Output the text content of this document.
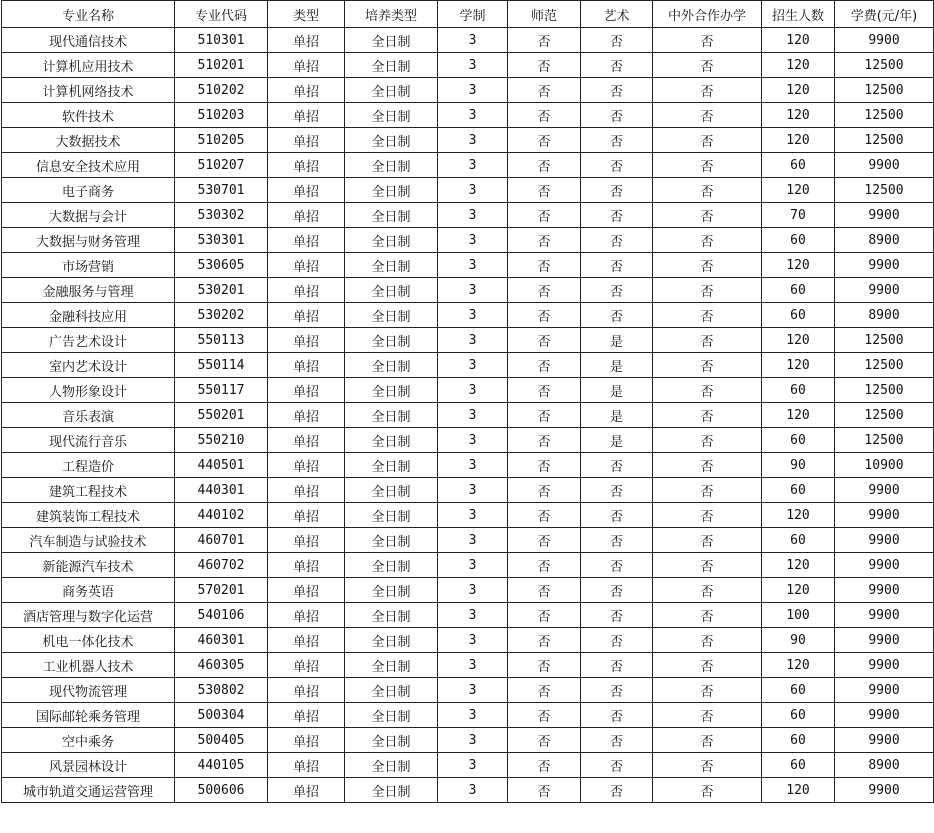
专业名称	专业代码	类型	培养类型	学制	师范	艺术	中外合作办学	招生人数	学费(元/年)
现代通信技术	510301	单招	全日制	3	否	否	否	120	9900
计算机应用技术	510201	单招	全日制	3	否	否	否	120	12500
计算机网络技术	510202	单招	全日制	3	否	否	否	120	12500
软件技术	510203	单招	全日制	3	否	否	否	120	12500
大数据技术	510205	单招	全日制	3	否	否	否	120	12500
信息安全技术应用	510207	单招	全日制	3	否	否	否	60	9900
电子商务	530701	单招	全日制	3	否	否	否	120	12500
大数据与会计	530302	单招	全日制	3	否	否	否	70	9900
大数据与财务管理	530301	单招	全日制	3	否	否	否	60	8900
市场营销	530605	单招	全日制	3	否	否	否	120	9900
金融服务与管理	530201	单招	全日制	3	否	否	否	60	9900
金融科技应用	530202	单招	全日制	3	否	否	否	60	8900
广告艺术设计	550113	单招	全日制	3	否	是	否	120	12500
室内艺术设计	550114	单招	全日制	3	否	是	否	120	12500
人物形象设计	550117	单招	全日制	3	否	是	否	60	12500
音乐表演	550201	单招	全日制	3	否	是	否	120	12500
现代流行音乐	550210	单招	全日制	3	否	是	否	60	12500
工程造价	440501	单招	全日制	3	否	否	否	90	10900
建筑工程技术	440301	单招	全日制	3	否	否	否	60	9900
建筑装饰工程技术	440102	单招	全日制	3	否	否	否	120	9900
汽车制造与试验技术	460701	单招	全日制	3	否	否	否	60	9900
新能源汽车技术	460702	单招	全日制	3	否	否	否	120	9900
商务英语	570201	单招	全日制	3	否	否	否	120	9900
酒店管理与数字化运营	540106	单招	全日制	3	否	否	否	100	9900
机电一体化技术	460301	单招	全日制	3	否	否	否	90	9900
工业机器人技术	460305	单招	全日制	3	否	否	否	120	9900
现代物流管理	530802	单招	全日制	3	否	否	否	60	9900
国际邮轮乘务管理	500304	单招	全日制	3	否	否	否	60	9900
空中乘务	500405	单招	全日制	3	否	否	否	60	9900
风景园林设计	440105	单招	全日制	3	否	否	否	60	8900
城市轨道交通运营管理	500606	单招	全日制	3	否	否	否	120	9900
